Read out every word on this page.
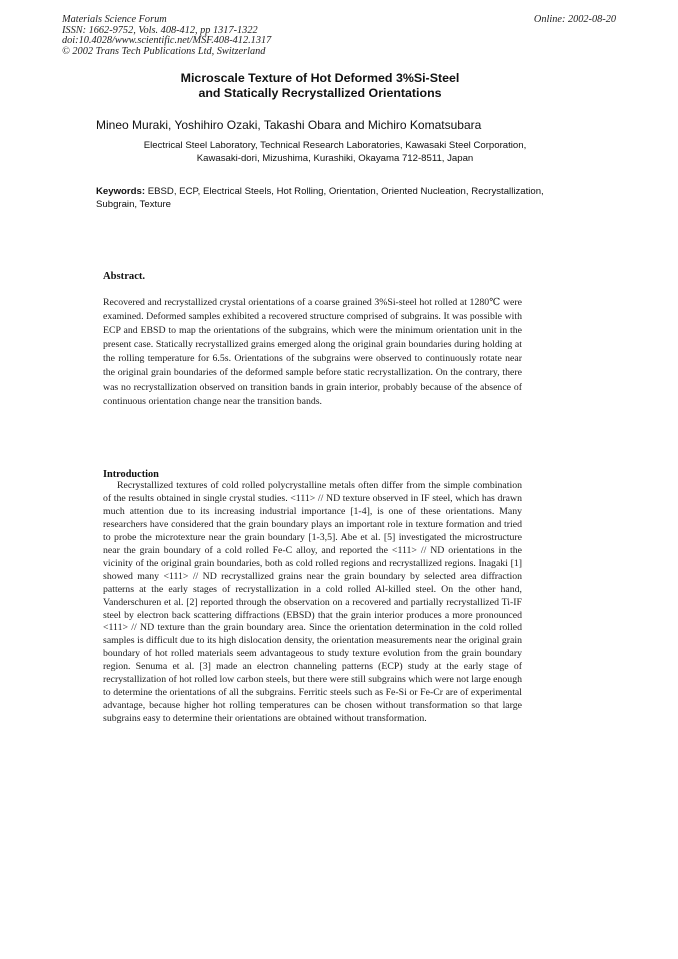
Materials Science Forum
ISSN: 1662-9752, Vols. 408-412, pp 1317-1322
doi:10.4028/www.scientific.net/MSF.408-412.1317
© 2002 Trans Tech Publications Ltd, Switzerland
Online: 2002-08-20
Microscale Texture of Hot Deformed 3%Si-Steel
and Statically Recrystallized Orientations
Mineo Muraki, Yoshihiro Ozaki, Takashi Obara and Michiro Komatsubara
Electrical Steel Laboratory, Technical Research Laboratories, Kawasaki Steel Corporation,
Kawasaki-dori, Mizushima, Kurashiki, Okayama 712-8511, Japan
Keywords: EBSD, ECP, Electrical Steels, Hot Rolling, Orientation, Oriented Nucleation, Recrystallization, Subgrain, Texture
Abstract.
Recovered and recrystallized crystal orientations of a coarse grained 3%Si-steel hot rolled at 1280℃ were examined. Deformed samples exhibited a recovered structure comprised of subgrains. It was possible with ECP and EBSD to map the orientations of the subgrains, which were the minimum orientation unit in the present case. Statically recrystallized grains emerged along the original grain boundaries during holding at the rolling temperature for 6.5s. Orientations of the subgrains were observed to continuously rotate near the original grain boundaries of the deformed sample before static recrystallization. On the contrary, there was no recrystallization observed on transition bands in grain interior, probably because of the absence of continuous orientation change near the transition bands.
Introduction
Recrystallized textures of cold rolled polycrystalline metals often differ from the simple combination of the results obtained in single crystal studies. <111> // ND texture observed in IF steel, which has drawn much attention due to its increasing industrial importance [1-4], is one of these orientations. Many researchers have considered that the grain boundary plays an important role in texture formation and tried to probe the microtexture near the grain boundary [1-3,5]. Abe et al. [5] investigated the microstructure near the grain boundary of a cold rolled Fe-C alloy, and reported the <111> // ND orientations in the vicinity of the original grain boundaries, both as cold rolled regions and recrystallized regions. Inagaki [1] showed many <111> // ND recrystallized grains near the grain boundary by selected area diffraction patterns at the early stages of recrystallization in a cold rolled Al-killed steel. On the other hand, Vanderschuren et al. [2] reported through the observation on a recovered and partially recrystallized Ti-IF steel by electron back scattering diffractions (EBSD) that the grain interior produces a more pronounced <111> // ND texture than the grain boundary area. Since the orientation determination in the cold rolled samples is difficult due to its high dislocation density, the orientation measurements near the original grain boundary of hot rolled materials seem advantageous to study texture evolution from the grain boundary region. Senuma et al. [3] made an electron channeling patterns (ECP) study at the early stage of recrystallization of hot rolled low carbon steels, but there were still subgrains which were not large enough to determine the orientations of all the subgrains. Ferritic steels such as Fe-Si or Fe-Cr are of experimental advantage, because higher hot rolling temperatures can be chosen without transformation so that large subgrains easy to determine their orientations are obtained without transformation.
